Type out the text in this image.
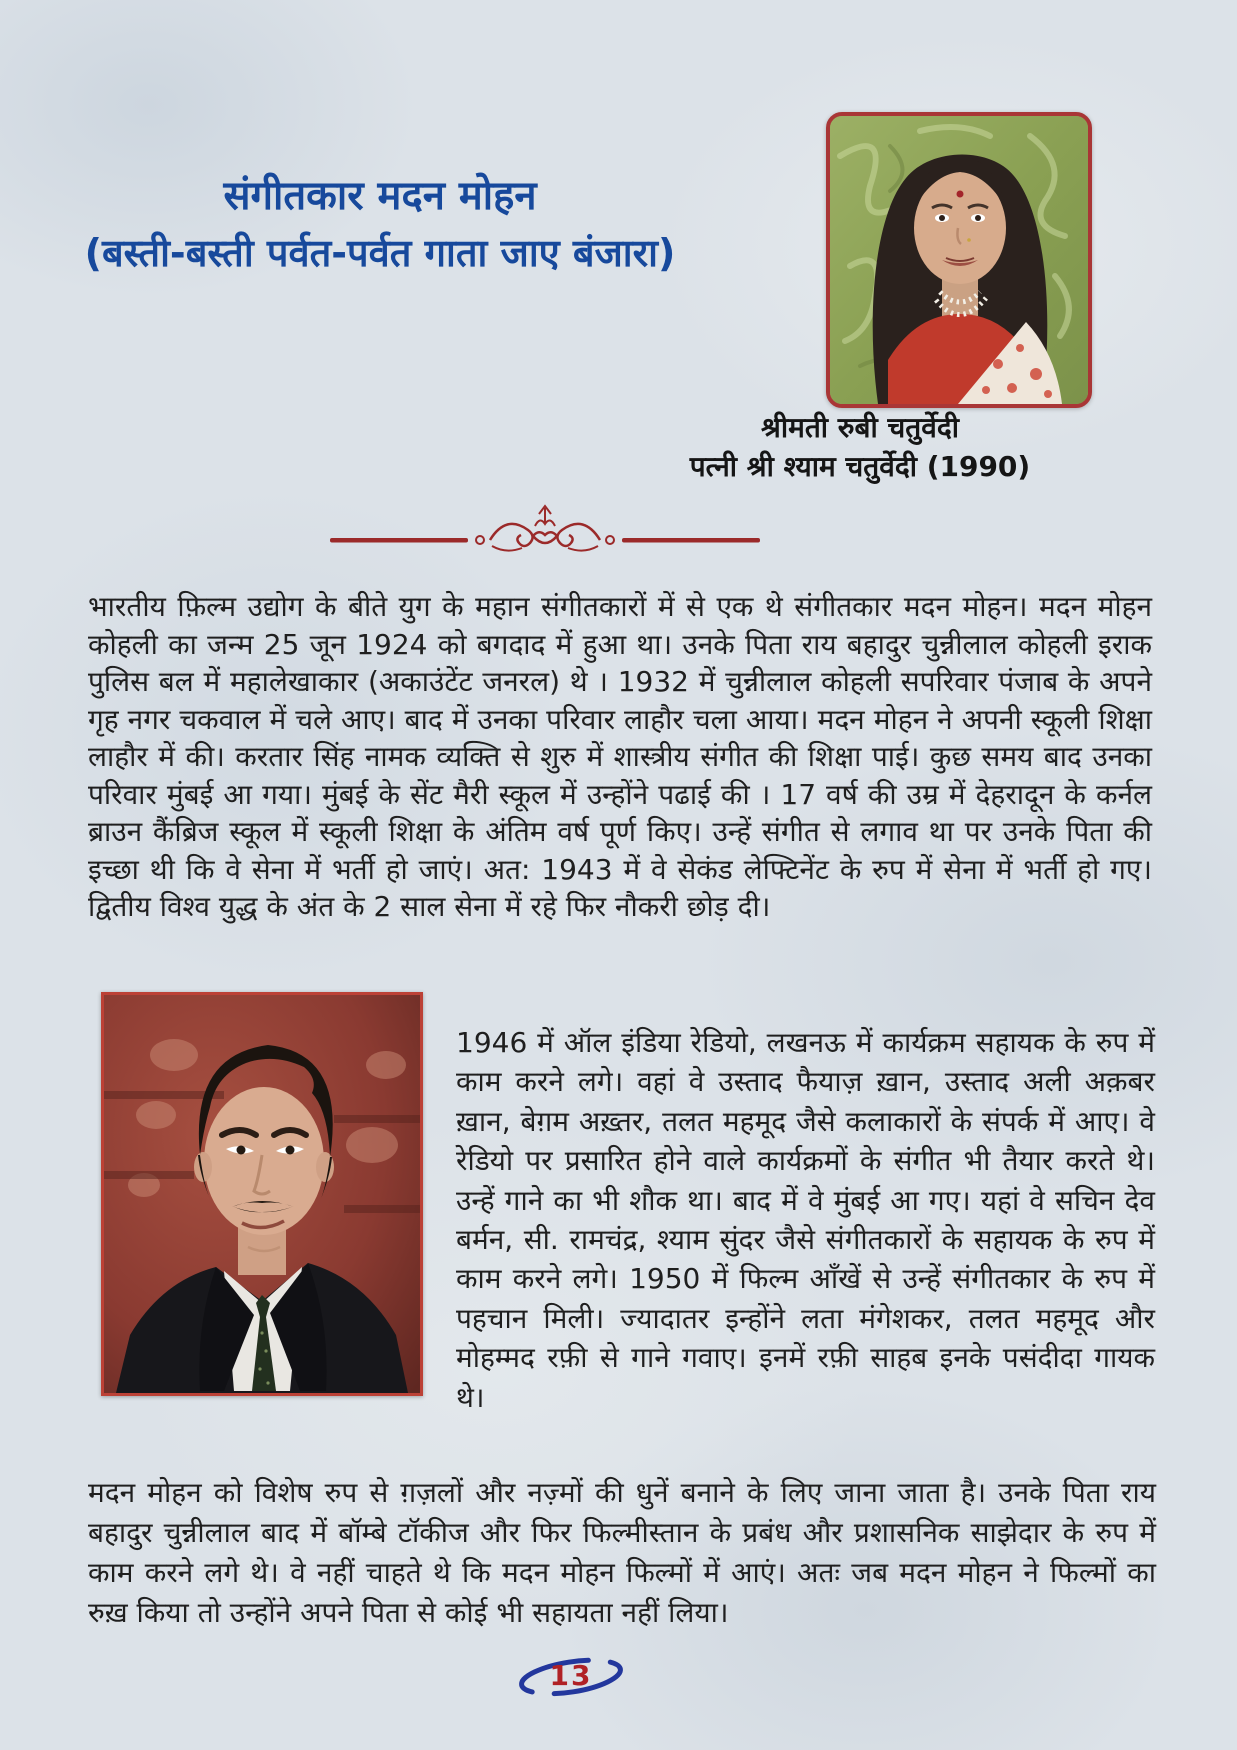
संगीतकार मदन मोहन
(बस्ती-बस्ती पर्वत-पर्वत गाता जाए बंजारा)
श्रीमती रुबी चतुर्वेदी
पत्नी श्री श्याम चतुर्वेदी (1990)

भारतीय फ़िल्म उद्योग के बीते युग के महान संगीतकारों में से एक थे संगीतकार मदन मोहन। मदन मोहन कोहली का जन्म 25 जून 1924 को बगदाद में हुआ था। उनके पिता राय बहादुर चुन्नीलाल कोहली इराक पुलिस बल में महालेखाकार (अकाउंटेंट जनरल) थे । 1932 में चुन्नीलाल कोहली सपरिवार पंजाब के अपने गृह नगर चकवाल में चले आए। बाद में उनका परिवार लाहौर चला आया। मदन मोहन ने अपनी स्कूली शिक्षा लाहौर में की। करतार सिंह नामक व्यक्ति से शुरु में शास्त्रीय संगीत की शिक्षा पाई। कुछ समय बाद उनका परिवार मुंबई आ गया। मुंबई के सेंट मैरी स्कूल में उन्होंने पढाई की । 17 वर्ष की उम्र में देहरादून के कर्नल ब्राउन कैंब्रिज स्कूल में स्कूली शिक्षा के अंतिम वर्ष पूर्ण किए। उन्हें संगीत से लगाव था पर उनके पिता की इच्छा थी कि वे सेना में भर्ती हो जाएं। अत: 1943 में वे सेकंड लेफ्टिनेंट के रुप में सेना में भर्ती हो गए। द्वितीय विश्व युद्ध के अंत के 2 साल सेना में रहे फिर नौकरी छोड़ दी।

1946 में ऑल इंडिया रेडियो, लखनऊ में कार्यक्रम सहायक के रुप में काम करने लगे। वहां वे उस्ताद फैयाज़ ख़ान, उस्ताद अली अक़बर ख़ान, बेग़म अख़्तर, तलत महमूद जैसे कलाकारों के संपर्क में आए। वे रेडियो पर प्रसारित होने वाले कार्यक्रमों के संगीत भी तैयार करते थे। उन्हें गाने का भी शौक था। बाद में वे मुंबई आ गए। यहां वे सचिन देव बर्मन, सी. रामचंद्र, श्याम सुंदर जैसे संगीतकारों के सहायक के रुप में काम करने लगे। 1950 में फिल्म आँखें से उन्हें संगीतकार के रुप में पहचान मिली। ज्यादातर इन्होंने लता मंगेशकर, तलत महमूद और मोहम्मद रफ़ी से गाने गवाए। इनमें रफ़ी साहब इनके पसंदीदा गायक थे।

मदन मोहन को विशेष रुप से ग़ज़लों और नज़्मों की धुनें बनाने के लिए जाना जाता है। उनके पिता राय बहादुर चुन्नीलाल बाद में बॉम्बे टॉकीज और फिर फिल्मीस्तान के प्रबंध और प्रशासनिक साझेदार के रुप में काम करने लगे थे। वे नहीं चाहते थे कि मदन मोहन फिल्मों में आएं। अतः जब मदन मोहन ने फिल्मों का रुख़ किया तो उन्होंने अपने पिता से कोई भी सहायता नहीं लिया।

13
